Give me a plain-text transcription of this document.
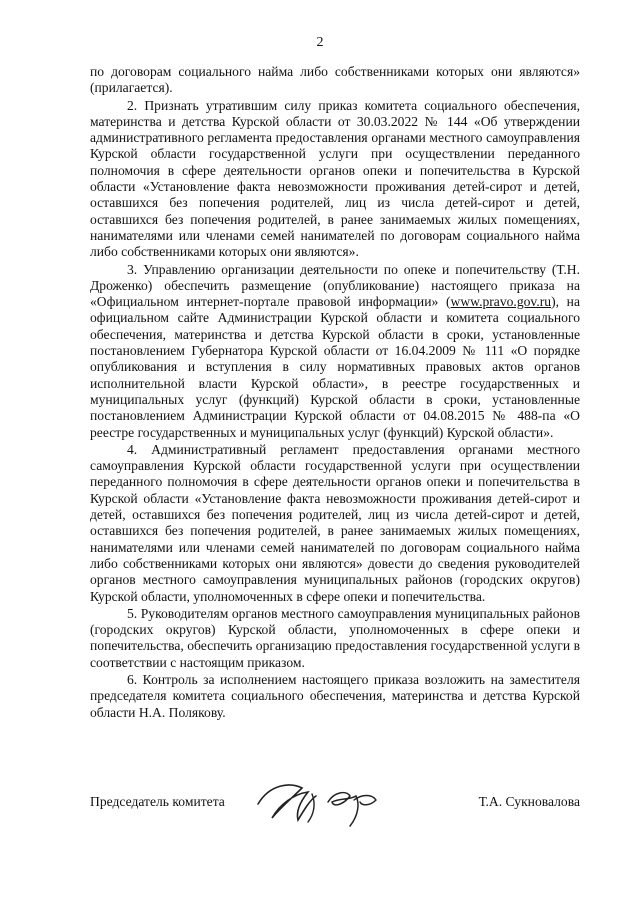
2

по договорам социального найма либо собственниками которых они являются» (прилагается).

2. Признать утратившим силу приказ комитета социального обеспечения, материнства и детства Курской области от 30.03.2022 № 144 «Об утверждении административного регламента предоставления органами местного самоуправления Курской области государственной услуги при осуществлении переданного полномочия в сфере деятельности органов опеки и попечительства в Курской области «Установление факта невозможности проживания детей-сирот и детей, оставшихся без попечения родителей, лиц из числа детей-сирот и детей, оставшихся без попечения родителей, в ранее занимаемых жилых помещениях, нанимателями или членами семей нанимателей по договорам социального найма либо собственниками которых они являются».

3. Управлению организации деятельности по опеке и попечительству (Т.Н. Дроженко) обеспечить размещение (опубликование) настоящего приказа на «Официальном интернет-портале правовой информации» (www.pravo.gov.ru), на официальном сайте Администрации Курской области и комитета социального обеспечения, материнства и детства Курской области в сроки, установленные постановлением Губернатора Курской области от 16.04.2009 № 111 «О порядке опубликования и вступления в силу нормативных правовых актов органов исполнительной власти Курской области», в реестре государственных и муниципальных услуг (функций) Курской области в сроки, установленные постановлением Администрации Курской области от 04.08.2015 № 488-па «О реестре государственных и муниципальных услуг (функций) Курской области».

4. Административный регламент предоставления органами местного самоуправления Курской области государственной услуги при осуществлении переданного полномочия в сфере деятельности органов опеки и попечительства в Курской области «Установление факта невозможности проживания детей-сирот и детей, оставшихся без попечения родителей, лиц из числа детей-сирот и детей, оставшихся без попечения родителей, в ранее занимаемых жилых помещениях, нанимателями или членами семей нанимателей по договорам социального найма либо собственниками которых они являются» довести до сведения руководителей органов местного самоуправления муниципальных районов (городских округов) Курской области, уполномоченных в сфере опеки и попечительства.

5. Руководителям органов местного самоуправления муниципальных районов (городских округов) Курской области, уполномоченных в сфере опеки и попечительства, обеспечить организацию предоставления государственной услуги в соответствии с настоящим приказом.

6. Контроль за исполнением настоящего приказа возложить на заместителя председателя комитета социального обеспечения, материнства и детства Курской области Н.А. Полякову.

Председатель комитета	Т.А. Сукновалова
